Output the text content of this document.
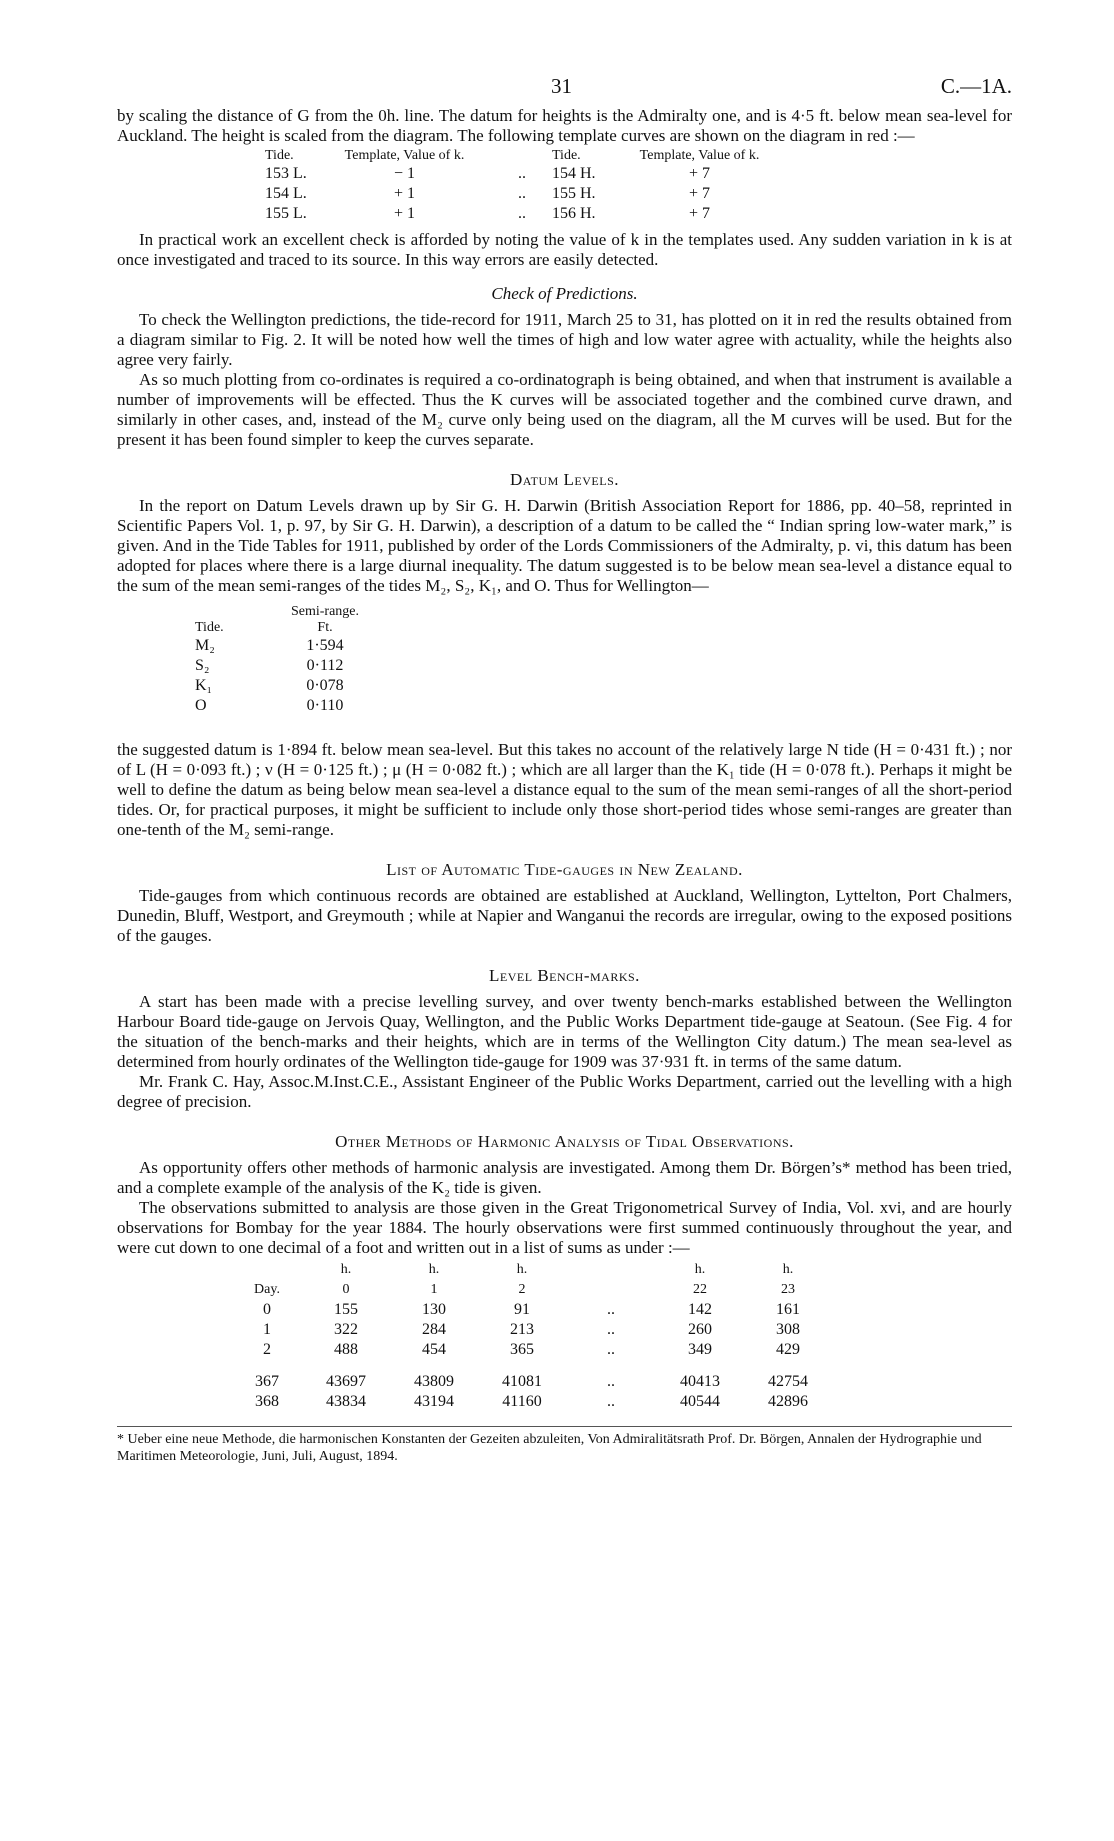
31	C.—1A.

by scaling the distance of G from the 0h. line. The datum for heights is the Admiralty one, and is 4·5 ft. below mean sea-level for Auckland. The height is scaled from the diagram. The following template curves are shown on the diagram in red :—

Tide.	Template, Value of k.		Tide.	Template, Value of k.
153 L.	− 1	..	154 H.	+ 7
154 L.	+ 1	..	155 H.	+ 7
155 L.	+ 1	..	156 H.	+ 7

In practical work an excellent check is afforded by noting the value of k in the templates used. Any sudden variation in k is at once investigated and traced to its source. In this way errors are easily detected.

Check of Predictions.

To check the Wellington predictions, the tide-record for 1911, March 25 to 31, has plotted on it in red the results obtained from a diagram similar to Fig. 2. It will be noted how well the times of high and low water agree with actuality, while the heights also agree very fairly.

As so much plotting from co-ordinates is required a co-ordinatograph is being obtained, and when that instrument is available a number of improvements will be effected. Thus the K curves will be associated together and the combined curve drawn, and similarly in other cases, and, instead of the M₂ curve only being used on the diagram, all the M curves will be used. But for the present it has been found simpler to keep the curves separate.

Datum Levels.

In the report on Datum Levels drawn up by Sir G. H. Darwin (British Association Report for 1886, pp. 40–58, reprinted in Scientific Papers Vol. 1, p. 97, by Sir G. H. Darwin), a description of a datum to be called the “ Indian spring low-water mark,” is given. And in the Tide Tables for 1911, published by order of the Lords Commissioners of the Admiralty, p. vi, this datum has been adopted for places where there is a large diurnal inequality. The datum suggested is to be below mean sea-level a distance equal to the sum of the mean semi-ranges of the tides M₂, S₂, K₁, and O. Thus for Wellington—

Tide.	Semi-range.
Ft.

M₂	1·594
S₂	0·112
K₁	0·078
O	0·110

the suggested datum is 1·894 ft. below mean sea-level. But this takes no account of the relatively large N tide (H = 0·431 ft.) ; nor of L (H = 0·093 ft.) ; ν (H = 0·125 ft.) ; μ (H = 0·082 ft.) ; which are all larger than the K₁ tide (H = 0·078 ft.). Perhaps it might be well to define the datum as being below mean sea-level a distance equal to the sum of the mean semi-ranges of all the short-period tides. Or, for practical purposes, it might be sufficient to include only those short-period tides whose semi-ranges are greater than one-tenth of the M₂ semi-range.

List of Automatic Tide-gauges in New Zealand.

Tide-gauges from which continuous records are obtained are established at Auckland, Wellington, Lyttelton, Port Chalmers, Dunedin, Bluff, Westport, and Greymouth ; while at Napier and Wanganui the records are irregular, owing to the exposed positions of the gauges.

Level Bench-marks.

A start has been made with a precise levelling survey, and over twenty bench-marks established between the Wellington Harbour Board tide-gauge on Jervois Quay, Wellington, and the Public Works Department tide-gauge at Seatoun. (See Fig. 4 for the situation of the bench-marks and their heights, which are in terms of the Wellington City datum.) The mean sea-level as determined from hourly ordinates of the Wellington tide-gauge for 1909 was 37·931 ft. in terms of the same datum.

Mr. Frank C. Hay, Assoc.M.Inst.C.E., Assistant Engineer of the Public Works Department, carried out the levelling with a high degree of precision.

Other Methods of Harmonic Analysis of Tidal Observations.

As opportunity offers other methods of harmonic analysis are investigated. Among them Dr. Börgen’s* method has been tried, and a complete example of the analysis of the K₂ tide is given.

The observations submitted to analysis are those given in the Great Trigonometrical Survey of India, Vol. xvi, and are hourly observations for Bombay for the year 1884. The hourly observations were first summed continuously throughout the year, and were cut down to one decimal of a foot and written out in a list of sums as under :—

	h.	h.	h.		h.	h.
Day.	0	1	2		22	23
0	155	130	91	..	142	161
1	322	284	213	..	260	308
2	488	454	365	..	349	429

367	43697	43809	41081	..	40413	42754
368	43834	43194	41160	..	40544	42896
* Ueber eine neue Methode, die harmonischen Konstanten der Gezeiten abzuleiten, Von Admiralitätsrath Prof. Dr. Börgen, Annalen der Hydrographie und Maritimen Meteorologie, Juni, Juli, August, 1894.
